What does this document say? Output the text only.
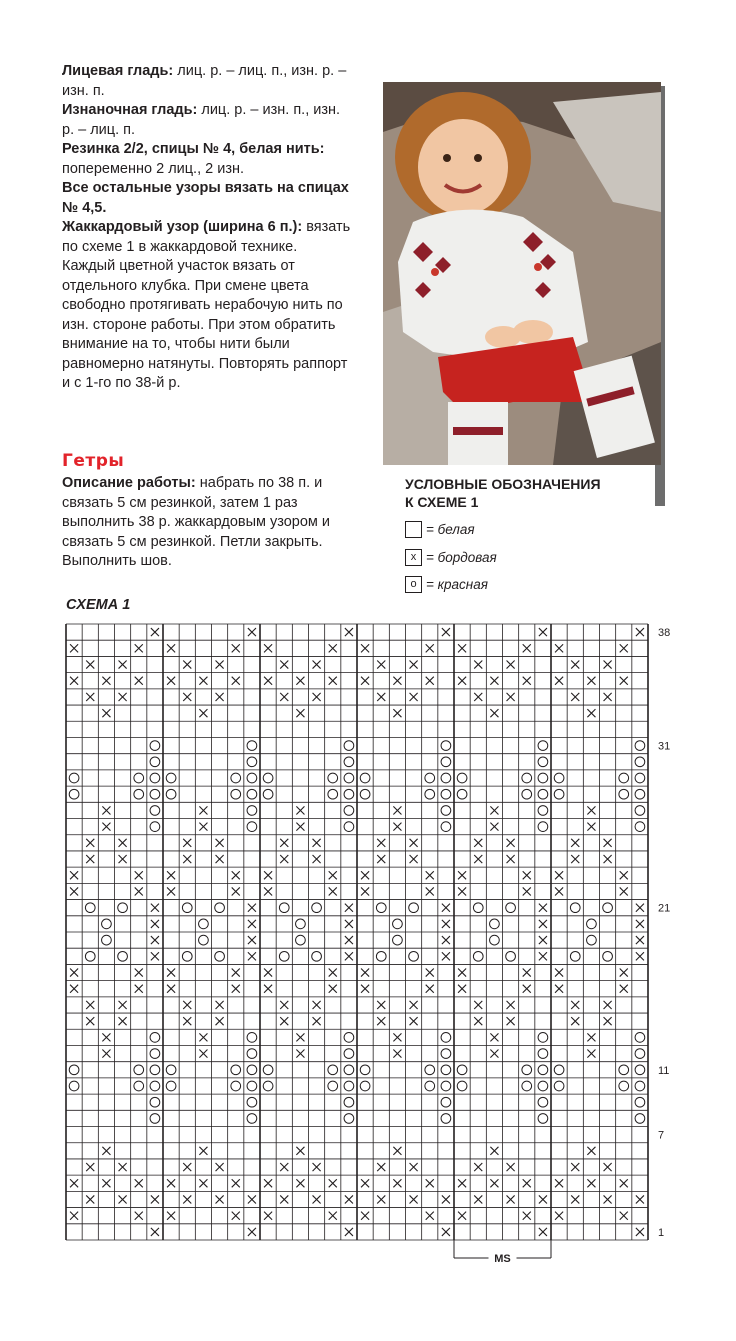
Лицевая гладь: лиц. р. – лиц. п., изн. р. – изн. п.

Изнаночная гладь: лиц. р. – изн. п., изн. р. – лиц. п.

Резинка 2/2, спицы № 4, белая нить: попеременно 2 лиц., 2 изн.

Все остальные узоры вязать на спицах № 4,5.

Жаккардовый узор (ширина 6 п.): вязать по схеме 1 в жаккардовой технике. Каждый цветной участок вязать от отдельного клубка. При смене цвета свободно протягивать нерабочую нить по изн. стороне работы. При этом обратить внимание на то, чтобы нити были равномерно натянуты. Повторять раппорт и с 1-го по 38-й р.

Гетры

Описание работы: набрать по 38 п. и связать 5 см резинкой, затем 1 раз выполнить 38 р. жаккардовым узором и связать 5 см резинкой. Петли закрыть. Выполнить шов.

УСЛОВНЫЕ ОБОЗНАЧЕНИЯ
К СХЕМЕ 1
= белая
x = бордовая
o = красная
СХЕМА 1
38
31
21
11
7
1
MS
